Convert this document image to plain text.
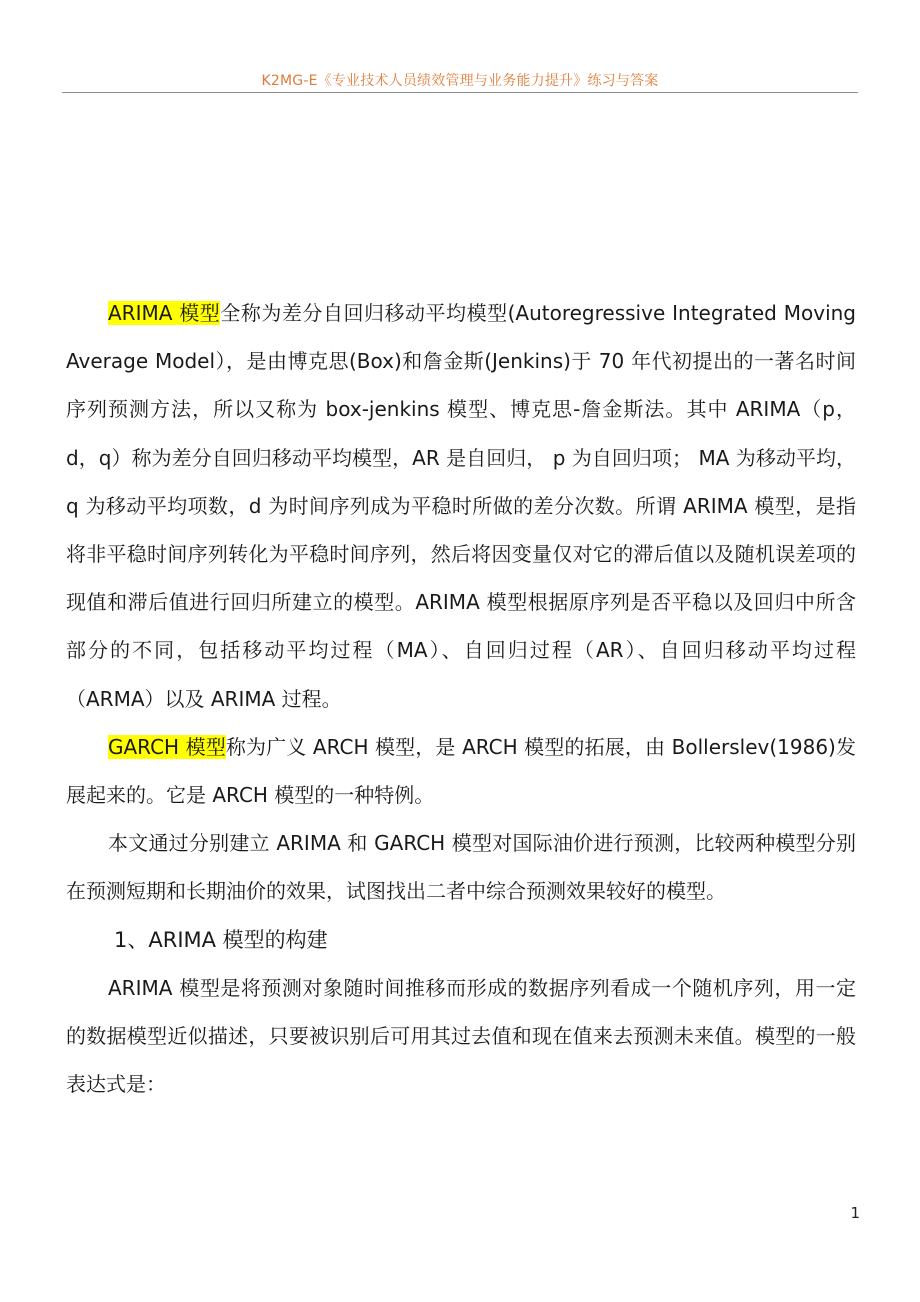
K2MG-E《专业技术人员绩效管理与业务能力提升》练习与答案

ARIMA 模型全称为差分自回归移动平均模型(Autoregressive Integrated Moving Average Model），是由博克思(Box)和詹金斯(Jenkins)于 70 年代初提出的一著名时间序列预测方法，所以又称为 box-jenkins 模型、博克思-詹金斯法。其中 ARIMA（p，d，q）称为差分自回归移动平均模型，AR 是自回归， p 为自回归项； MA 为移动平均，q 为移动平均项数，d 为时间序列成为平稳时所做的差分次数。所谓 ARIMA 模型，是指将非平稳时间序列转化为平稳时间序列，然后将因变量仅对它的滞后值以及随机误差项的现值和滞后值进行回归所建立的模型。ARIMA 模型根据原序列是否平稳以及回归中所含部分的不同，包括移动平均过程（MA）、自回归过程（AR）、自回归移动平均过程（ARMA）以及 ARIMA 过程。

GARCH 模型称为广义 ARCH 模型，是 ARCH 模型的拓展，由 Bollerslev(1986)发展起来的。它是 ARCH 模型的一种特例。

本文通过分别建立 ARIMA 和 GARCH 模型对国际油价进行预测，比较两种模型分别在预测短期和长期油价的效果，试图找出二者中综合预测效果较好的模型。

1、ARIMA 模型的构建

ARIMA 模型是将预测对象随时间推移而形成的数据序列看成一个随机序列，用一定的数据模型近似描述，只要被识别后可用其过去值和现在值来去预测未来值。模型的一般表达式是：

1
